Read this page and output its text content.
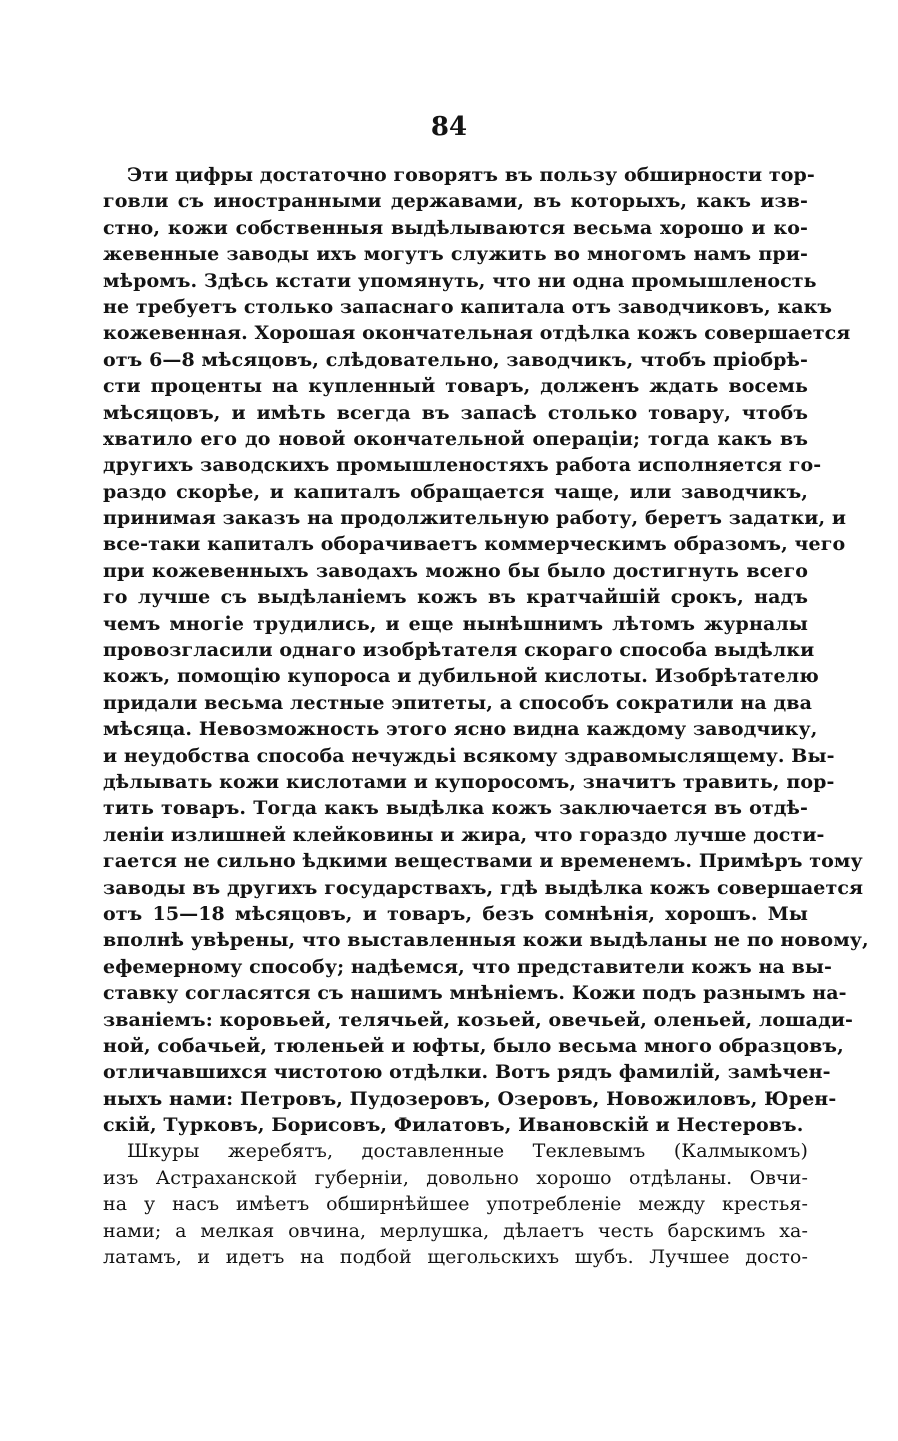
84
Эти цифры достаточно говорятъ въ пользу обширности тор-
говли съ иностранными державами, въ которыхъ, какъ изв-
стно, кожи собственныя выдѣлываются весьма хорошо и ко-
жевенные заводы ихъ могутъ служить во многомъ намъ при-
мѣромъ. Здѣсь кстати упомянуть, что ни одна промышленость
не требуетъ столько запаснаго капитала отъ заводчиковъ, какъ
кожевенная. Хорошая окончательная отдѣлка кожъ совершается
отъ 6—8 мѣсяцовъ, слѣдовательно, заводчикъ, чтобъ пріобрѣ-
сти проценты на купленный товаръ, долженъ ждать восемь
мѣсяцовъ, и имѣть всегда въ запасѣ столько товару, чтобъ
хватило его до новой окончательной операціи; тогда какъ въ
другихъ заводскихъ промышленостяхъ работа исполняется го-
раздо скорѣе, и капиталъ обращается чаще, или заводчикъ,
принимая заказъ на продолжительную работу, беретъ задатки, и
все-таки капиталъ оборачиваетъ коммерческимъ образомъ, чего
при кожевенныхъ заводахъ можно бы было достигнуть всего
го лучше съ выдѣланіемъ кожъ въ кратчайшій срокъ, надъ
чемъ многіе трудились, и еще нынѣшнимъ лѣтомъ журналы
провозгласили однаго изобрѣтателя скораго способа выдѣлки
кожъ, помощію купороса и дубильной кислоты. Изобрѣтателю
придали весьма лестные эпитеты, а способъ сократили на два
мѣсяца. Невозможность этого ясно видна каждому заводчику,
и неудобства способа нечуждьі всякому здравомыслящему. Вы-
дѣлывать кожи кислотами и купоросомъ, значитъ травить, пор-
тить товаръ. Тогда какъ выдѣлка кожъ заключается въ отдѣ-
леніи излишней клейковины и жира, что гораздо лучше дости-
гается не сильно ѣдкими веществами и временемъ. Примѣръ тому
заводы въ другихъ государствахъ, гдѣ выдѣлка кожъ совершается
отъ 15—18 мѣсяцовъ, и товаръ, безъ сомнѣнія, хорошъ. Мы
вполнѣ увѣрены, что выставленныя кожи выдѣланы не по новому,
ефемерному способу; надѣемся, что представители кожъ на вы-
ставку согласятся съ нашимъ мнѣніемъ. Кожи подъ разнымъ на-
званіемъ: коровьей, телячьей, козьей, овечьей, оленьей, лошади-
ной, собачьей, тюленьей и юфты, было весьма много образцовъ,
отличавшихся чистотою отдѣлки. Вотъ рядъ фамилій, замѣчен-
ныхъ нами: Петровъ, Пудозеровъ, Озеровъ, Новожиловъ, Юрен-
скій, Турковъ, Борисовъ, Филатовъ, Ивановскій и Нестеровъ.
Шкуры жеребятъ, доставленные Теклевымъ (Калмыкомъ)
изъ Астраханской губерніи, довольно хорошо отдѣланы. Овчи-
на у насъ имѣетъ обширнѣйшее употребленіе между крестья-
нами; а мелкая овчина, мерлушка, дѣлаетъ честь барскимъ ха-
латамъ, и идетъ на подбой щегольскихъ шубъ. Лучшее досто-
